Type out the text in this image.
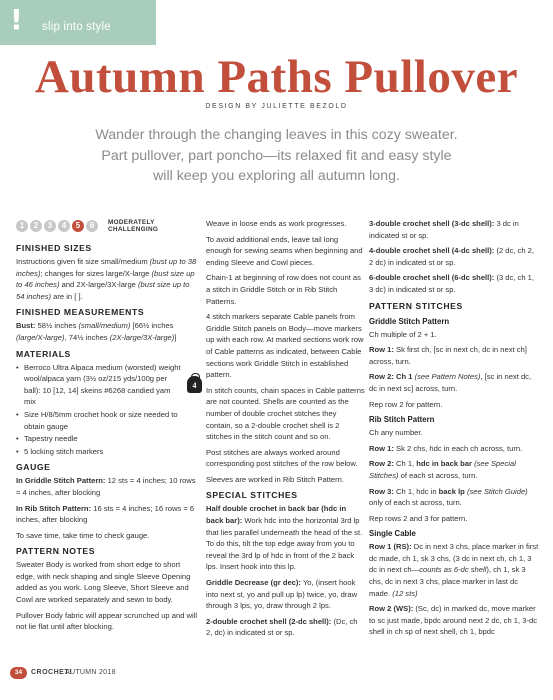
! slip into style
Autumn Paths Pullover
DESIGN BY JULIETTE BEZOLD
Wander through the changing leaves in this cozy sweater.
Part pullover, part poncho—its relaxed fit and easy style
will keep you exploring all autumn long.
1	2	3	4	5	6	MODERATELY
CHALLENGING
FINISHED SIZES

Instructions given fit size small/medium (bust up to 38 inches); changes for sizes large/X-large (bust size up to 46 inches) and 2X-large/3X-large (bust size up to 54 inches) are in [ ].

FINISHED MEASUREMENTS

Bust: 58½ inches (small/medium) [66½ inches (large/X-large), 74½ inches (2X-large/3X-large)]

MATERIALS
• Berroco Ultra Alpaca medium (worsted) weight wool/alpaca yarn (3½ oz/215 yds/100g per ball): 10 [12, 14] skeins #6268 candied yam mix
• Size H/8/5mm crochet hook or size needed to obtain gauge
• Tapestry needle
• 5 locking stitch markers
GAUGE

In Griddle Stitch Pattern: 12 sts = 4 inches; 10 rows = 4 inches, after blocking

In Rib Stitch Pattern: 16 sts = 4 inches; 16 rows = 6 inches, after blocking

To save time, take time to check gauge.

PATTERN NOTES

Sweater Body is worked from short edge to short edge, with neck shaping and single Sleeve Opening added as you work. Long Sleeve, Short Sleeve and Cowl are worked separately and sewn to body.

Pullover Body fabric will appear scrunched up and will not lie flat until after blocking.

4

Weave in loose ends as work progresses.

To avoid additional ends, leave tail long enough for sewing seams when beginning and ending Sleeve and Cowl pieces.

Chain-1 at beginning of row does not count as a stitch in Griddle Stitch or in Rib Stitch Patterns.

4 stitch markers separate Cable panels from Griddle Stitch panels on Body—move markers up with each row. At marked sections work row of Cable patterns as indicated, between Cable sections work Griddle Stitch in established pattern.

In stitch counts, chain spaces in Cable patterns are not counted. Shells are counted as the number of double crochet stitches they contain, so a 2-double crochet shell is 2 stitches in the stitch count and so on.

Post stitches are always worked around corresponding post stitches of the row below.

Sleeves are worked in Rib Stitch Pattern.

SPECIAL STITCHES

Half double crochet in back bar (hdc in back bar): Work hdc into the horizontal 3rd lp that lies parallel underneath the head of the st. To do this, tilt the top edge away from you to reveal the 3rd lp of hdc in front of the 2 back lps. Insert hook into this lp.

Griddle Decrease (gr dec): Yo, (insert hook into next st, yo and pull up lp) twice, yo, draw through 3 lps, yo, draw through 2 lps.

2-double crochet shell (2-dc shell): (Dc, ch 2, dc) in indicated st or sp.

3-double crochet shell (3-dc shell): 3 dc in indicated st or sp.

4-double crochet shell (4-dc shell): (2 dc, ch 2, 2 dc) in indicated st or sp.

6-double crochet shell (6-dc shell): (3 dc, ch 1, 3 dc) in indicated st or sp.

PATTERN STITCHES
Griddle Stitch Pattern

Ch multiple of 2 + 1.

Row 1: Sk first ch, [sc in next ch, dc in next ch] across, turn.

Row 2: Ch 1 (see Pattern Notes), [sc in next dc, dc in next sc] across, turn.

Rep row 2 for pattern.

Rib Stitch Pattern

Ch any number.

Row 1: Sk 2 chs, hdc in each ch across, turn.

Row 2: Ch 1, hdc in back bar (see Special Stitches) of each st across, turn.

Row 3: Ch 1, hdc in back lp (see Stitch Guide) only of each st across, turn.

Rep rows 2 and 3 for pattern.

Single Cable

Row 1 (RS): Dc in next 3 chs, place marker in first dc made, ch 1, sk 3 chs, (3 dc in next ch, ch 1, 3 dc in next ch—counts as 6-dc shell), ch 1, sk 3 chs, dc in next 3 chs, place marker in last dc made. (12 sts)

Row 2 (WS): (Sc, dc) in marked dc, move marker to sc just made, bpdc around next 2 dc, ch 1, 3-dc shell in ch sp of next shell, ch 1, bpdc

34	CROCHET!
AUTUMN 2018
